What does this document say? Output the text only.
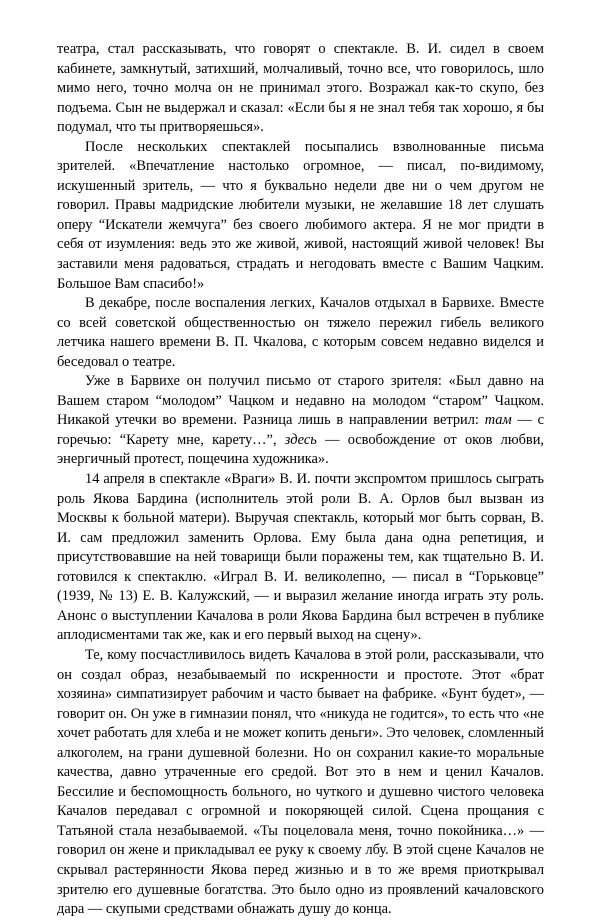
театра, стал рассказывать, что говорят о спектакле. В. И. сидел в своем кабинете, замкнутый, затихший, молчаливый, точно все, что говорилось, шло мимо него, точно молча он не принимал этого. Возражал как-то скупо, без подъема. Сын не выдержал и сказал: «Если бы я не знал тебя так хорошо, я бы подумал, что ты притворяешься».

После нескольких спектаклей посыпались взволнованные письма зрителей. «Впечатление настолько огромное, — писал, по-видимому, искушенный зритель, — что я буквально недели две ни о чем другом не говорил. Правы мадридские любители музыки, не желавшие 18 лет слушать оперу “Искатели жемчуга” без своего любимого актера. Я не мог придти в себя от изумления: ведь это же живой, живой, настоящий живой человек! Вы заставили меня радоваться, страдать и негодовать вместе с Вашим Чацким. Большое Вам спасибо!»

В декабре, после воспаления легких, Качалов отдыхал в Барвихе. Вместе со всей советской общественностью он тяжело пережил гибель великого летчика нашего времени В. П. Чкалова, с которым совсем недавно виделся и беседовал о театре.

Уже в Барвихе он получил письмо от старого зрителя: «Был давно на Вашем старом “молодом” Чацком и недавно на молодом “старом” Чацком. Никакой утечки во времени. Разница лишь в направлении ветрил: там — с горечью: “Карету мне, карету…”, здесь — освобождение от оков любви, энергичный протест, пощечина художника».

14 апреля в спектакле «Враги» В. И. почти экспромтом пришлось сыграть роль Якова Бардина (исполнитель этой роли В. А. Орлов был вызван из Москвы к больной матери). Выручая спектакль, который мог быть сорван, В. И. сам предложил заменить Орлова. Ему была дана одна репетиция, и присутствовавшие на ней товарищи были поражены тем, как тщательно В. И. готовился к спектаклю. «Играл В. И. великолепно, — писал в “Горьковце” (1939, № 13) Е. В. Калужский, — и выразил желание иногда играть эту роль. Анонс о выступлении Качалова в роли Якова Бардина был встречен в публике аплодисментами так же, как и его первый выход на сцену».

Те, кому посчастливилось видеть Качалова в этой роли, рассказывали, что он создал образ, незабываемый по искренности и простоте. Этот «брат хозяина» симпатизирует рабочим и часто бывает на фабрике. «Бунт будет», — говорит он. Он уже в гимназии понял, что «никуда не годится», то есть что «не хочет работать для хлеба и не может копить деньги». Это человек, сломленный алкоголем, на грани душевной болезни. Но он сохранил какие-то моральные качества, давно утраченные его средой. Вот это в нем и ценил Качалов. Бессилие и беспомощность больного, но чуткого и душевно чистого человека Качалов передавал с огромной и покоряющей силой. Сцена прощания с Татьяной стала незабываемой. «Ты поцеловала меня, точно покойника…» — говорил он жене и прикладывал ее руку к своему лбу. В этой сцене Качалов не скрывал растерянности Якова перед жизнью и в то же время приоткрывал зрителю его душевные богатства. Это было одно из проявлений качаловского дара — скупыми средствами обнажать душу до конца.
